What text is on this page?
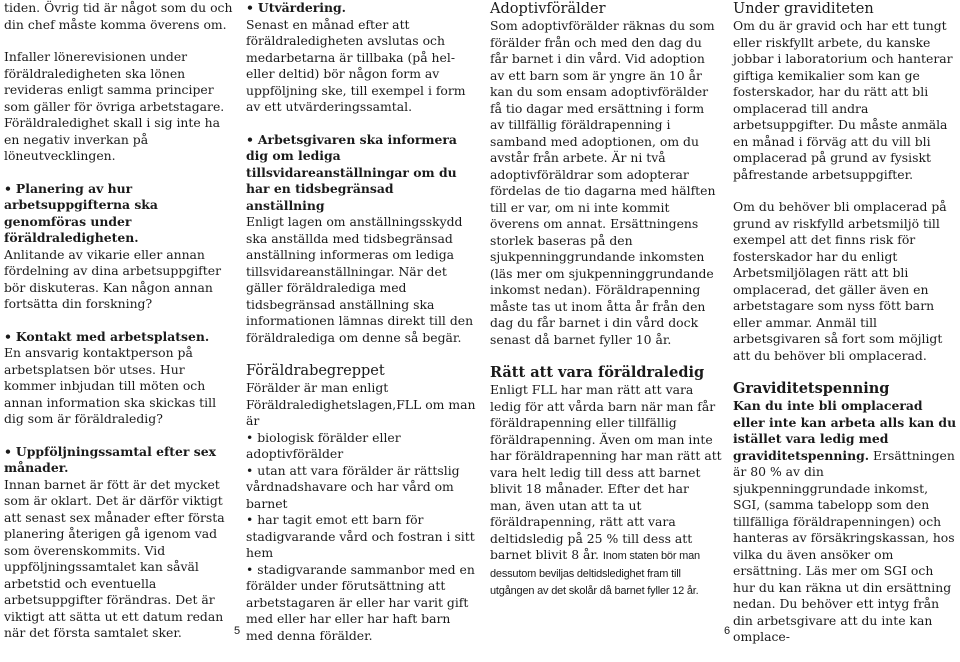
tiden. Övrig tid är något som du och din chef måste komma överens om.

Infaller lönerevisionen under föräldraledigheten ska lönen revideras enligt samma principer som gäller för övriga arbetstagare. Föräldraledighet skall i sig inte ha en negativ inverkan på löneutvecklingen.

• Planering av hur arbetsuppgifterna ska genomföras under föräldraledigheten.

Anlitande av vikarie eller annan fördelning av dina arbetsuppgifter bör diskuteras. Kan någon annan fortsätta din forskning?

• Kontakt med arbetsplatsen.

En ansvarig kontaktperson på arbetsplatsen bör utses. Hur kommer inbjudan till möten och annan information ska skickas till dig som är föräldraledig?

• Uppföljningssamtal efter sex månader.

Innan barnet är fött är det mycket som är oklart. Det är därför viktigt att senast sex månader efter första planering återigen gå igenom vad som överenskommits. Vid uppföljningssamtalet kan såväl arbetstid och eventuella arbetsuppgifter förändras. Det är viktigt att sätta ut ett datum redan när det första samtalet sker.

• Utvärdering.

Senast en månad efter att föräldraledigheten avslutas och medarbetarna är tillbaka (på hel- eller deltid) bör någon form av uppföljning ske, till exempel i form av ett utvärderingssamtal.

• Arbetsgivaren ska informera dig om lediga tillsvidareanställningar om du har en tidsbegränsad anställning

Enligt lagen om anställningsskydd ska anställda med tidsbegränsad anställning informeras om lediga tillsvidareanställningar. När det gäller föräldralediga med tidsbegränsad anställning ska informationen lämnas direkt till den föräldralediga om denne så begär.

Föräldrabegreppet
Förälder är man enligt Föräldraledighetslagen,FLL om man är
• biologisk förälder eller adoptivförälder
• utan att vara förälder är rättslig vårdnadshavare och har vård om barnet
• har tagit emot ett barn för stadigvarande vård och fostran i sitt hem
• stadigvarande sammanbor med en förälder under förutsättning att arbetstagaren är eller har varit gift med eller har eller har haft barn med denna förälder.
Adoptivförälder

Som adoptivförälder räknas du som förälder från och med den dag du får barnet i din vård. Vid adoption av ett barn som är yngre än 10 år kan du som ensam adoptivförälder få tio dagar med ersättning i form av tillfällig föräldrapenning i samband med adoptionen, om du avstår från arbete. Är ni två adoptivföräldrar som adopterar fördelas de tio dagarna med hälften till er var, om ni inte kommit överens om annat. Ersättningens storlek baseras på den sjukpenninggrundande inkomsten (läs mer om sjukpenninggrundande inkomst nedan). Föräldrapenning måste tas ut inom åtta år från den dag du får barnet i din vård dock senast då barnet fyller 10 år.

Rätt att vara föräldraledig

Enligt FLL har man rätt att vara ledig för att vårda barn när man får föräldrapenning eller tillfällig föräldrapenning. Även om man inte har föräldrapenning har man rätt att vara helt ledig till dess att barnet blivit 18 månader. Efter det har man, även utan att ta ut föräldrapenning, rätt att vara deltidsledig på 25 % till dess att barnet blivit 8 år. Inom staten bör man dessutom beviljas deltidsledighet fram till utgången av det skolår då barnet fyller 12 år.

Under graviditeten

Om du är gravid och har ett tungt eller riskfyllt arbete, du kanske jobbar i laboratorium och hanterar giftiga kemikalier som kan ge fosterskador, har du rätt att bli omplacerad till andra arbetsuppgifter. Du måste anmäla en månad i förväg att du vill bli omplacerad på grund av fysiskt påfrestande arbetsuppgifter.

Om du behöver bli omplacerad på grund av riskfylld arbetsmiljö till exempel att det finns risk för fosterskador har du enligt Arbetsmiljölagen rätt att bli omplacerad, det gäller även en arbetstagare som nyss fött barn eller ammar. Anmäl till arbetsgivaren så fort som möjligt att du behöver bli omplacerad.

Graviditetspenning

Kan du inte bli omplacerad eller inte kan arbeta alls kan du istället vara ledig med graviditetspenning. Ersättningen är 80 % av din sjukpenninggrundade inkomst, SGI, (samma tabelopp som den tillfälliga föräldrapenningen) och hanteras av försäkringskassan, hos vilka du även ansöker om ersättning. Läs mer om SGI och hur du kan räkna ut din ersättning nedan. Du behöver ett intyg från din arbetsgivare att du inte kan omplace-

5	6
